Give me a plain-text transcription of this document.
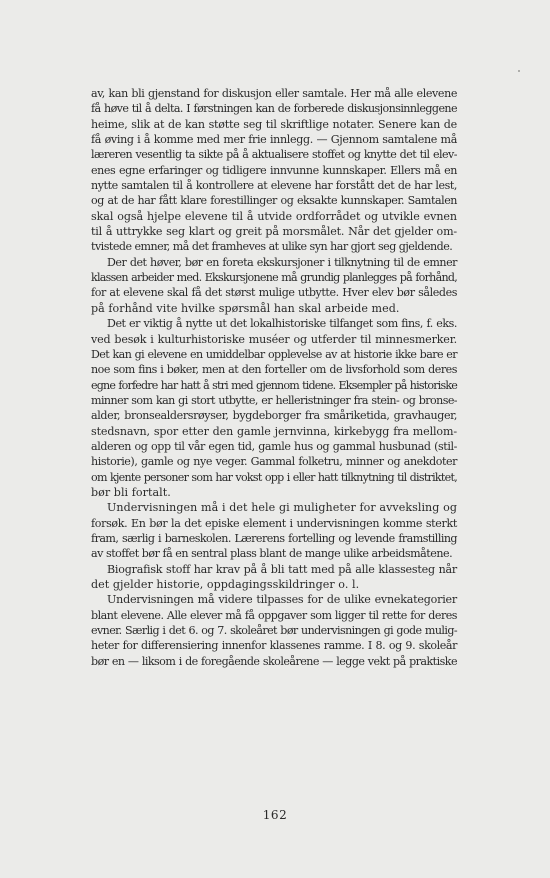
av, kan bli gjenstand for diskusjon eller samtale. Her må alle elevene
få høve til å delta. I førstningen kan de forberede diskusjonsinnleggene
heime, slik at de kan støtte seg til skriftlige notater. Senere kan de
få øving i å komme med mer frie innlegg. — Gjennom samtalene må
læreren vesentlig ta sikte på å aktualisere stoffet og knytte det til elev-
enes egne erfaringer og tidligere innvunne kunnskaper. Ellers må en
nytte samtalen til å kontrollere at elevene har forstått det de har lest,
og at de har fått klare forestillinger og eksakte kunnskaper. Samtalen
skal også hjelpe elevene til å utvide ordforrådet og utvikle evnen
til å uttrykke seg klart og greit på morsmålet. Når det gjelder om-
tvistede emner, må det framheves at ulike syn har gjort seg gjeldende.
Der det høver, bør en foreta ekskursjoner i tilknytning til de emner
klassen arbeider med. Ekskursjonene må grundig planlegges på forhånd,
for at elevene skal få det størst mulige utbytte. Hver elev bør således
på forhånd vite hvilke spørsmål han skal arbeide med.
Det er viktig å nytte ut det lokalhistoriske tilfanget som fins, f. eks.
ved besøk i kulturhistoriske muséer og utferder til minnesmerker.
Det kan gi elevene en umiddelbar opplevelse av at historie ikke bare er
noe som fins i bøker, men at den forteller om de livsforhold som deres
egne forfedre har hatt å stri med gjennom tidene. Eksempler på historiske
minner som kan gi stort utbytte, er helleristninger fra stein- og bronse-
alder, bronsealdersrøyser, bygdeborger fra småriketida, gravhauger,
stedsnavn, spor etter den gamle jernvinna, kirkebygg fra mellom-
alderen og opp til vår egen tid, gamle hus og gammal husbunad (stil-
historie), gamle og nye veger. Gammal folketru, minner og anekdoter
om kjente personer som har vokst opp i eller hatt tilknytning til distriktet,
bør bli fortalt.
Undervisningen må i det hele gi muligheter for avveksling og
forsøk. En bør la det episke element i undervisningen komme sterkt
fram, særlig i barneskolen. Lærerens fortelling og levende framstilling
av stoffet bør få en sentral plass blant de mange ulike arbeidsmåtene.
Biografisk stoff har krav på å bli tatt med på alle klassesteg når
det gjelder historie, oppdagingsskildringer o. l.
Undervisningen må videre tilpasses for de ulike evnekategorier
blant elevene. Alle elever må få oppgaver som ligger til rette for deres
evner. Særlig i det 6. og 7. skoleåret bør undervisningen gi gode mulig-
heter for differensiering innenfor klassenes ramme. I 8. og 9. skoleår
bør en — liksom i de foregående skoleårene — legge vekt på praktiske
162
